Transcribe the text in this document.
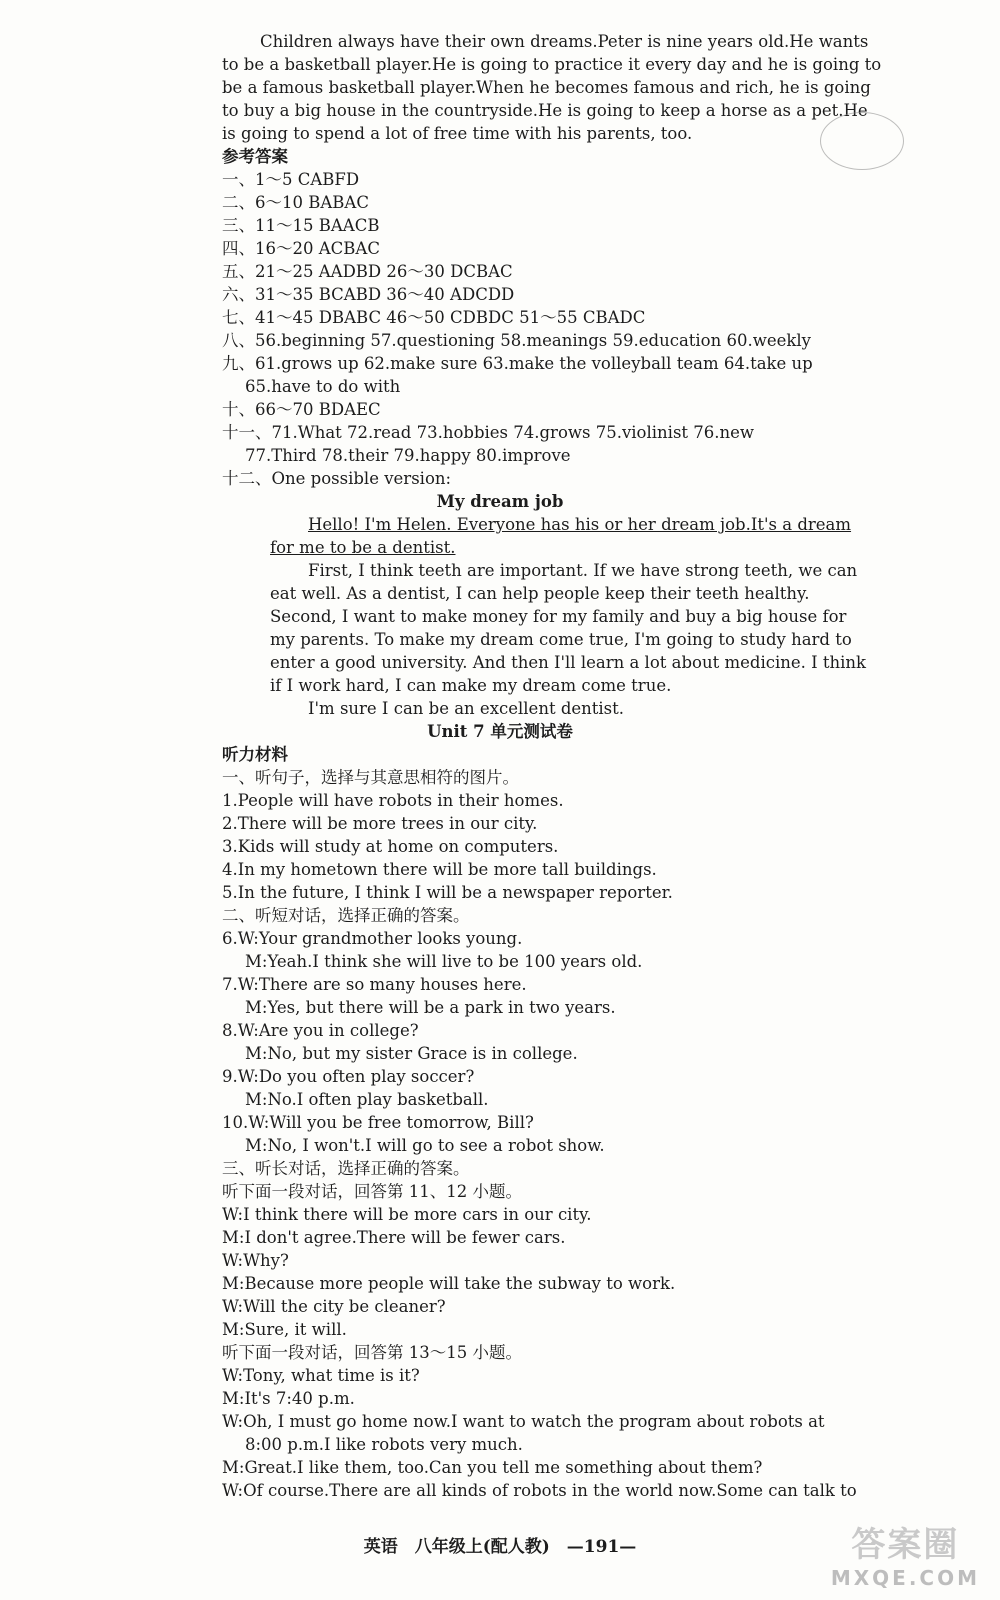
Children always have their own dreams.Peter is nine years old.He wants
to be a basketball player.He is going to practice it every day and he is going to
be a famous basketball player.When he becomes famous and rich, he is going
to buy a big house in the countryside.He is going to keep a horse as a pet.He
is going to spend a lot of free time with his parents, too.
参考答案
一、1～5 CABFD
二、6～10 BABAC
三、11～15 BAACB
四、16～20 ACBAC
五、21～25 AADBD 26～30 DCBAC
六、31～35 BCABD 36～40 ADCDD
七、41～45 DBABC 46～50 CDBDC 51～55 CBADC
八、56.beginning 57.questioning 58.meanings 59.education 60.weekly
九、61.grows up 62.make sure 63.make the volleyball team 64.take up
65.have to do with
十、66～70 BDAEC
十一、71.What 72.read 73.hobbies 74.grows 75.violinist 76.new
77.Third 78.their 79.happy 80.improve
十二、One possible version:
My dream job
Hello! I'm Helen. Everyone has his or her dream job.It's a dream
for me to be a dentist.
First, I think teeth are important. If we have strong teeth, we can
eat well. As a dentist, I can help people keep their teeth healthy.
Second, I want to make money for my family and buy a big house for
my parents. To make my dream come true, I'm going to study hard to
enter a good university. And then I'll learn a lot about medicine. I think
if I work hard, I can make my dream come true.
I'm sure I can be an excellent dentist.
Unit 7 单元测试卷
听力材料
一、听句子，选择与其意思相符的图片。
1.People will have robots in their homes.
2.There will be more trees in our city.
3.Kids will study at home on computers.
4.In my hometown there will be more tall buildings.
5.In the future, I think I will be a newspaper reporter.
二、听短对话，选择正确的答案。
6.W:Your grandmother looks young.
M:Yeah.I think she will live to be 100 years old.
7.W:There are so many houses here.
M:Yes, but there will be a park in two years.
8.W:Are you in college?
M:No, but my sister Grace is in college.
9.W:Do you often play soccer?
M:No.I often play basketball.
10.W:Will you be free tomorrow, Bill?
M:No, I won't.I will go to see a robot show.
三、听长对话，选择正确的答案。
听下面一段对话，回答第 11、12 小题。
W:I think there will be more cars in our city.
M:I don't agree.There will be fewer cars.
W:Why?
M:Because more people will take the subway to work.
W:Will the city be cleaner?
M:Sure, it will.
听下面一段对话，回答第 13～15 小题。
W:Tony, what time is it?
M:It's 7:40 p.m.
W:Oh, I must go home now.I want to watch the program about robots at
8:00 p.m.I like robots very much.
M:Great.I like them, too.Can you tell me something about them?
W:Of course.There are all kinds of robots in the world now.Some can talk to
英语　八年级上(配人教)　—191—	答案圈
MXQE.COM
